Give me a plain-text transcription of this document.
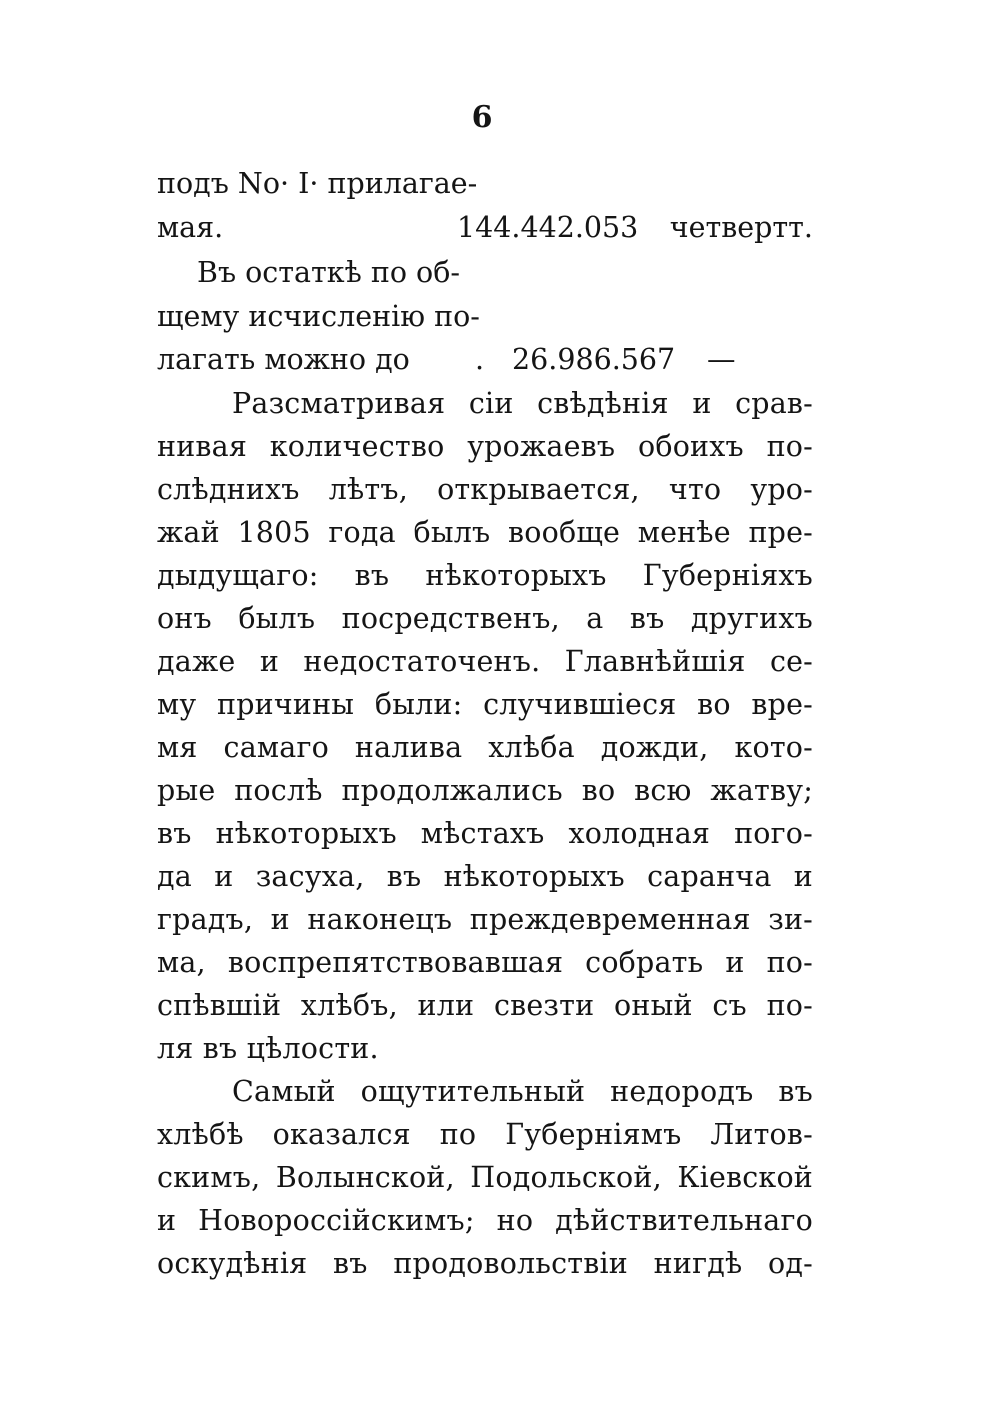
6
подъ No· I· прилагае-
мая.	144.442.053 четвертт.
Въ остаткѣ по об-
щему исчисленію по-
лагать можно до . 26.986.567 —
Разсматривая сіи свѣдѣнія и срав-
нивая количество урожаевъ обоихъ по-
слѣднихъ лѣтъ, открывается, что уро-
жай 1805 года былъ вообще менѣе пре-
дыдущаго: въ нѣкоторыхъ Губерніяхъ
онъ былъ посредственъ, а въ другихъ
даже и недостаточенъ. Главнѣйшія се-
му причины были: случившіеся во вре-
мя самаго налива хлѣба дожди, кото-
рые послѣ продолжались во всю жатву;
въ нѣкоторыхъ мѣстахъ холодная пого-
да и засуха, въ нѣкоторыхъ саранча и
градъ, и наконецъ преждевременная зи-
ма, воспрепятствовавшая собрать и по-
спѣвшій хлѣбъ, или свезти оный съ по-
ля въ цѣлости.
Самый ощутительный недородъ въ
хлѣбѣ оказался по Губерніямъ Литов-
скимъ, Волынской, Подольской, Кіевской
и Новороссійскимъ; но дѣйствительнаго
оскудѣнія въ продовольствіи нигдѣ од-
